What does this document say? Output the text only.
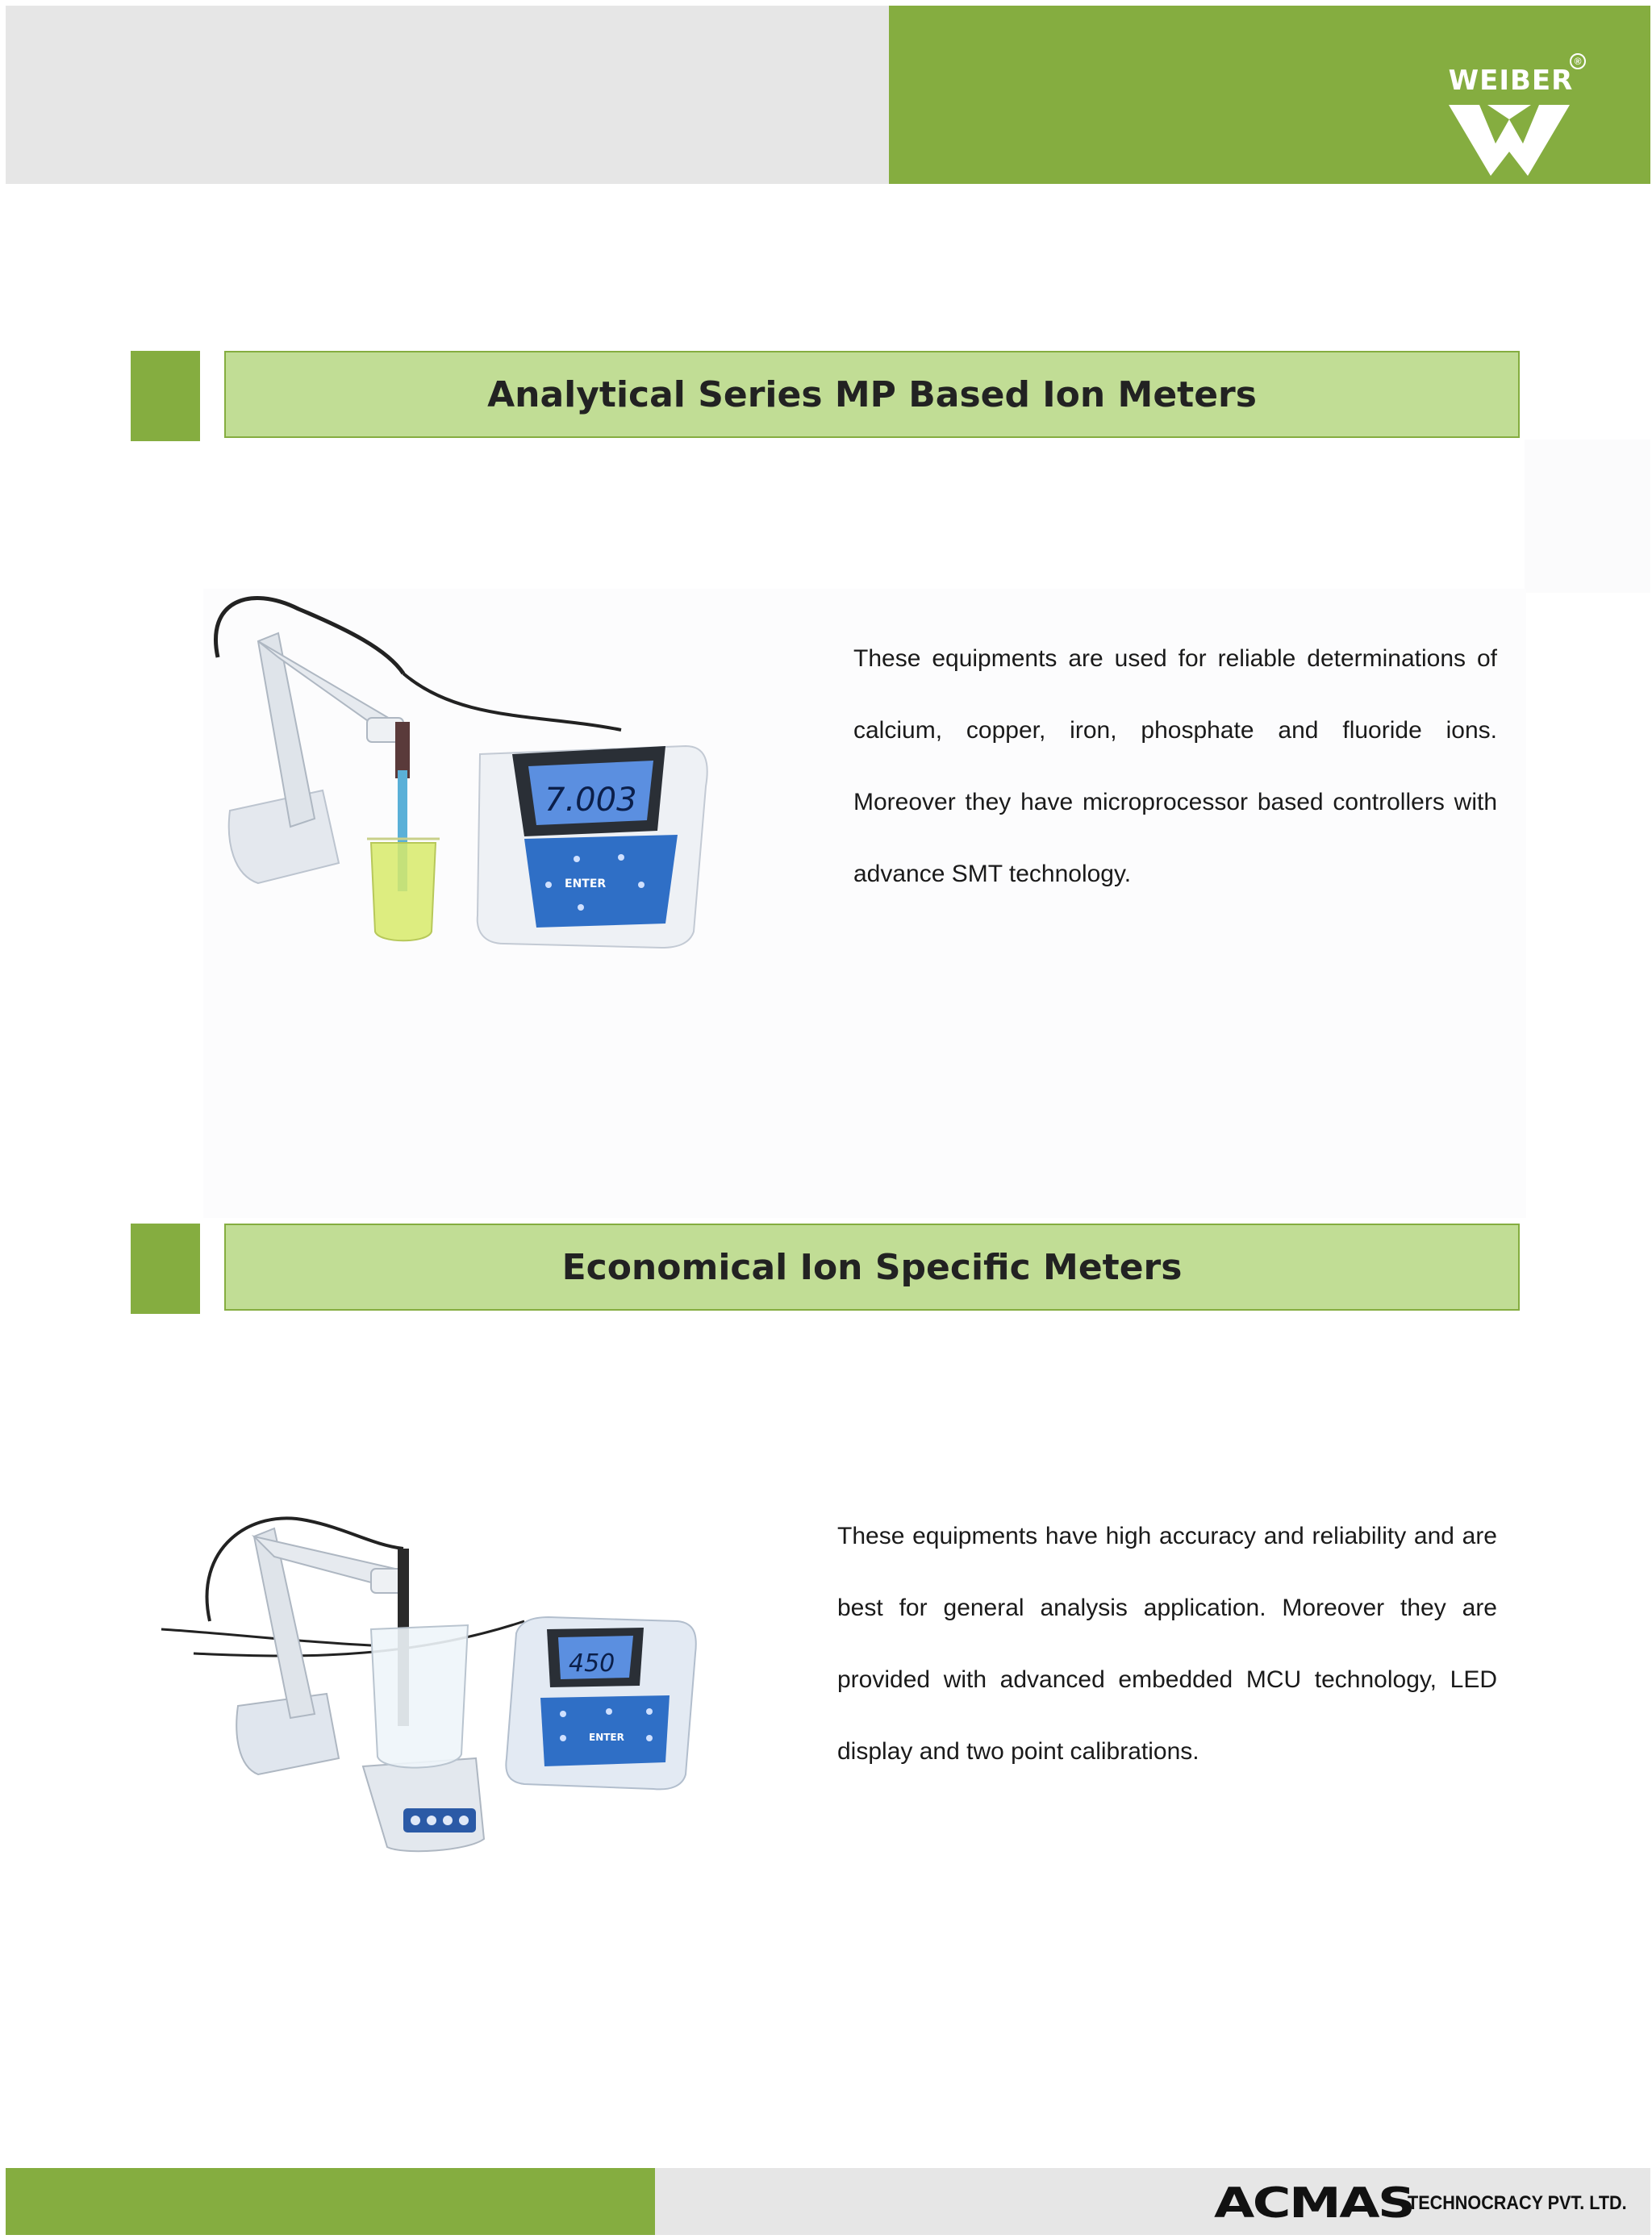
WEIBER
®
Analytical Series MP Based Ion Meters
7.003
ENTER
These equipments are used for reliable determinations of
calcium, copper, iron, phosphate and fluoride ions.
Moreover they have microprocessor based controllers with
advance SMT technology.
Economical Ion Specific Meters
450
ENTER
These equipments have high accuracy and reliability and are
best for general analysis application. Moreover they are
provided with advanced embedded MCU technology, LED
display and two point calibrations.
ACMAS
TECHNOCRACY PVT. LTD.
